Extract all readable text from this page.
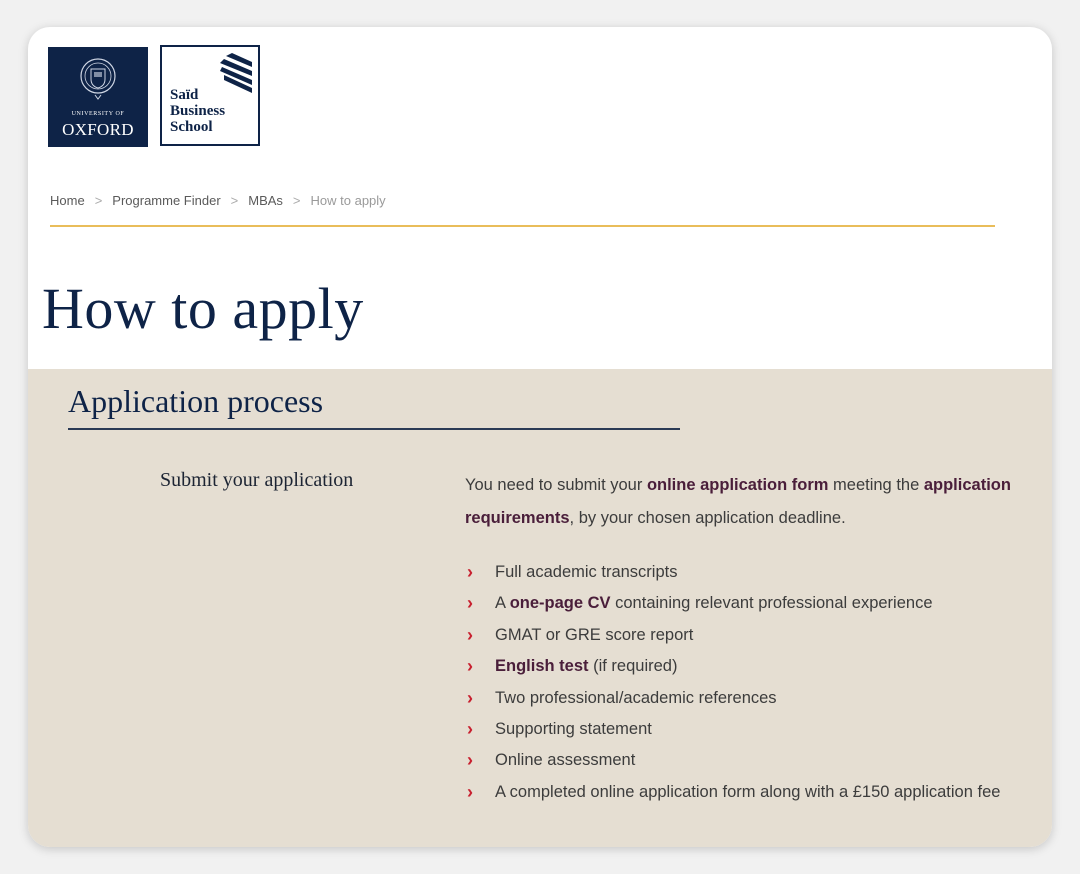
UNIVERSITY OF
OXFORD
Saïd
Business
School
Home > Programme Finder > MBAs > How to apply
How to apply
Application process
Submit your application	You need to submit your online application form meeting the application requirements, by your chosen application deadline.

› Full academic transcripts
› A one-page CV containing relevant professional experience
› GMAT or GRE score report
› English test (if required)
› Two professional/academic references
› Supporting statement
› Online assessment
› A completed online application form along with a £150 application fee
